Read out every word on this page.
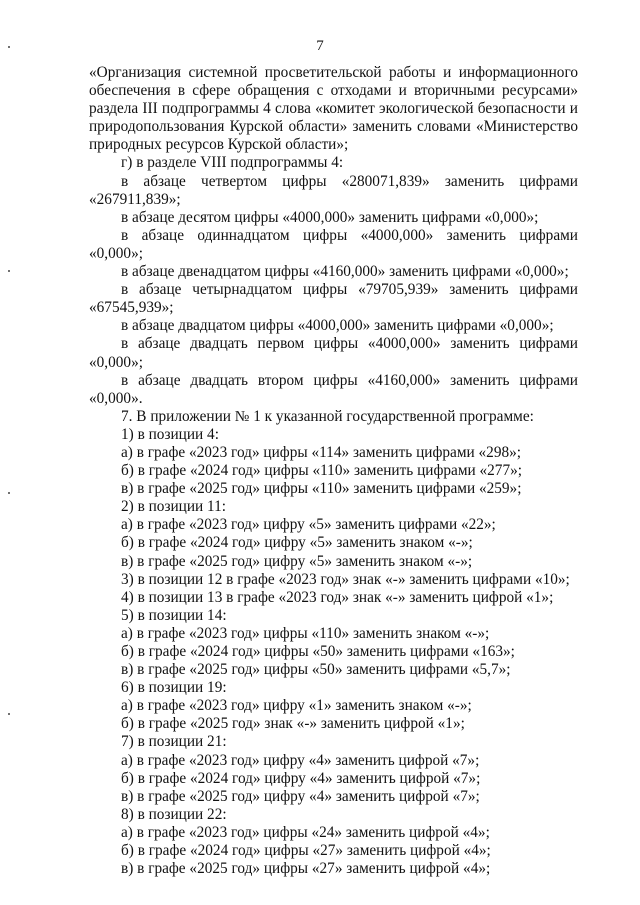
7

«Организация системной просветительской работы и информационного обеспечения в сфере обращения с отходами и вторичными ресурсами» раздела III подпрограммы 4 слова «комитет экологической безопасности и природопользования Курской области» заменить словами «Министерство природных ресурсов Курской области»;

г) в разделе VIII подпрограммы 4:

в абзаце четвертом цифры «280071,839» заменить цифрами «267911,839»;

в абзаце десятом цифры «4000,000» заменить цифрами «0,000»;

в абзаце одиннадцатом цифры «4000,000» заменить цифрами «0,000»;

в абзаце двенадцатом цифры «4160,000» заменить цифрами «0,000»;

в абзаце четырнадцатом цифры «79705,939» заменить цифрами «67545,939»;

в абзаце двадцатом цифры «4000,000» заменить цифрами «0,000»;

в абзаце двадцать первом цифры «4000,000» заменить цифрами «0,000»;

в абзаце двадцать втором цифры «4160,000» заменить цифрами «0,000».

7. В приложении № 1 к указанной государственной программе:

1) в позиции 4:

а) в графе «2023 год» цифры «114» заменить цифрами «298»;

б) в графе «2024 год» цифры «110» заменить цифрами «277»;

в) в графе «2025 год» цифры «110» заменить цифрами «259»;

2) в позиции 11:

а) в графе «2023 год» цифру «5» заменить цифрами «22»;

б) в графе «2024 год» цифру «5» заменить знаком «-»;

в) в графе «2025 год» цифру «5» заменить знаком «-»;

3) в позиции 12 в графе «2023 год» знак «-» заменить цифрами «10»;

4) в позиции 13 в графе «2023 год» знак «-» заменить цифрой «1»;

5) в позиции 14:

а) в графе «2023 год» цифры «110» заменить знаком «-»;

б) в графе «2024 год» цифры «50» заменить цифрами «163»;

в) в графе «2025 год» цифры «50» заменить цифрами «5,7»;

6) в позиции 19:

а) в графе «2023 год» цифру «1» заменить знаком «-»;

б) в графе «2025 год» знак «-» заменить цифрой «1»;

7) в позиции 21:

а) в графе «2023 год» цифру «4» заменить цифрой «7»;

б) в графе «2024 год» цифру «4» заменить цифрой «7»;

в) в графе «2025 год» цифру «4» заменить цифрой «7»;

8) в позиции 22:

а) в графе «2023 год» цифры «24» заменить цифрой «4»;

б) в графе «2024 год» цифры «27» заменить цифрой «4»;

в) в графе «2025 год» цифры «27» заменить цифрой «4»;
